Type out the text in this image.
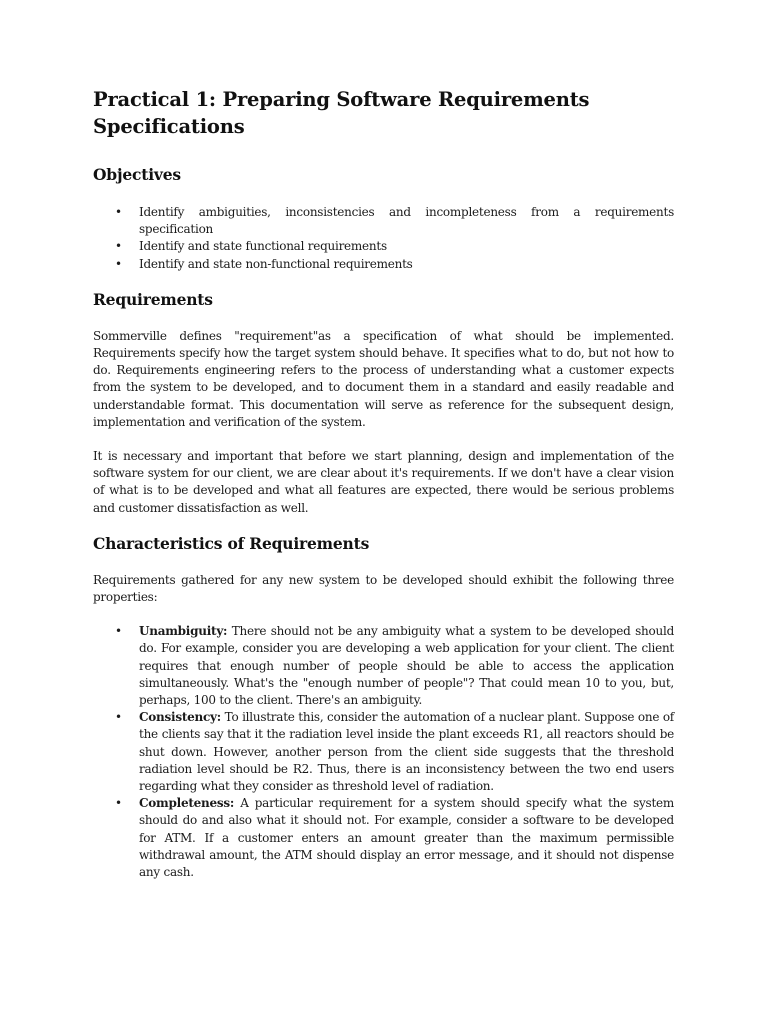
Practical 1: Preparing Software Requirements Specifications
Objectives
• Identify ambiguities, inconsistencies and incompleteness from a requirements specification
• Identify and state functional requirements
• Identify and state non-functional requirements
Requirements

Sommerville defines "requirement"as a specification of what should be implemented. Requirements specify how the target system should behave. It specifies what to do, but not how to do. Requirements engineering refers to the process of understanding what a customer expects from the system to be developed, and to document them in a standard and easily readable and understandable format. This documentation will serve as reference for the subsequent design, implementation and verification of the system.

It is necessary and important that before we start planning, design and implementation of the software system for our client, we are clear about it's requirements. If we don't have a clear vision of what is to be developed and what all features are expected, there would be serious problems and customer dissatisfaction as well.

Characteristics of Requirements

Requirements gathered for any new system to be developed should exhibit the following three properties:

• Unambiguity: There should not be any ambiguity what a system to be developed should do. For example, consider you are developing a web application for your client. The client requires that enough number of people should be able to access the application simultaneously. What's the "enough number of people"? That could mean 10 to you, but, perhaps, 100 to the client. There's an ambiguity.
• Consistency: To illustrate this, consider the automation of a nuclear plant. Suppose one of the clients say that it the radiation level inside the plant exceeds R1, all reactors should be shut down. However, another person from the client side suggests that the threshold radiation level should be R2. Thus, there is an inconsistency between the two end users regarding what they consider as threshold level of radiation.
• Completeness: A particular requirement for a system should specify what the system should do and also what it should not. For example, consider a software to be developed for ATM. If a customer enters an amount greater than the maximum permissible withdrawal amount, the ATM should display an error message, and it should not dispense any cash.
